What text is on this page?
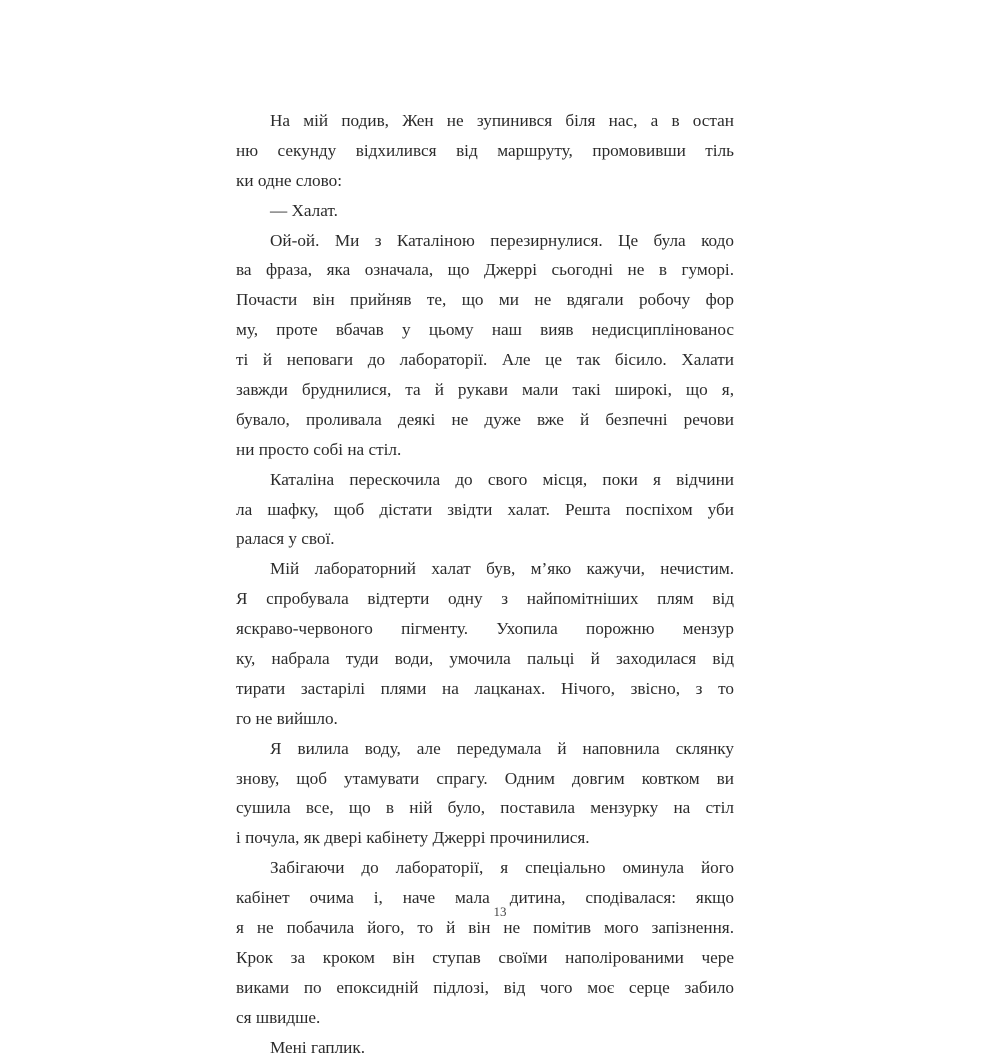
На мій подив, Жен не зупинився біля нас, а в остан
ню секунду відхилився від маршруту, промовивши тіль
ки одне слово:
— Халат.
Ой-ой. Ми з Каталіною перезирнулися. Це була кодо
ва фраза, яка означала, що Джеррі сьогодні не в гуморі.
Почасти він прийняв те, що ми не вдягали робочу фор
му, проте вбачав у цьому наш вияв недисциплінованос
ті й неповаги до лабораторії. Але це так бісило. Халати
завжди бруднилися, та й рукави мали такі широкі, що я,
бувало, проливала деякі не дуже вже й безпечні речови
ни просто собі на стіл.
Каталіна перескочила до свого місця, поки я відчини
ла шафку, щоб дістати звідти халат. Решта поспіхом уби
ралася у свої.
Мій лабораторний халат був, м’яко кажучи, нечистим.
Я спробувала відтерти одну з найпомітніших плям від
яскраво-червоного пігменту. Ухопила порожню мензур
ку, набрала туди води, умочила пальці й заходилася від
тирати застарілі плями на лацканах. Нічого, звісно, з то
го не вийшло.
Я вилила воду, але передумала й наповнила склянку
знову, щоб утамувати спрагу. Одним довгим ковтком ви
сушила все, що в ній було, поставила мензурку на стіл
і почула, як двері кабінету Джеррі прочинилися.
Забігаючи до лабораторії, я спеціально оминула його
кабінет очима і, наче мала дитина, сподівалася: якщо
я не побачила його, то й він не помітив мого запізнення.
Крок за кроком він ступав своїми наполірованими чере
виками по епоксидній підлозі, від чого моє серце забило
ся швидше.
Мені гаплик.
13
